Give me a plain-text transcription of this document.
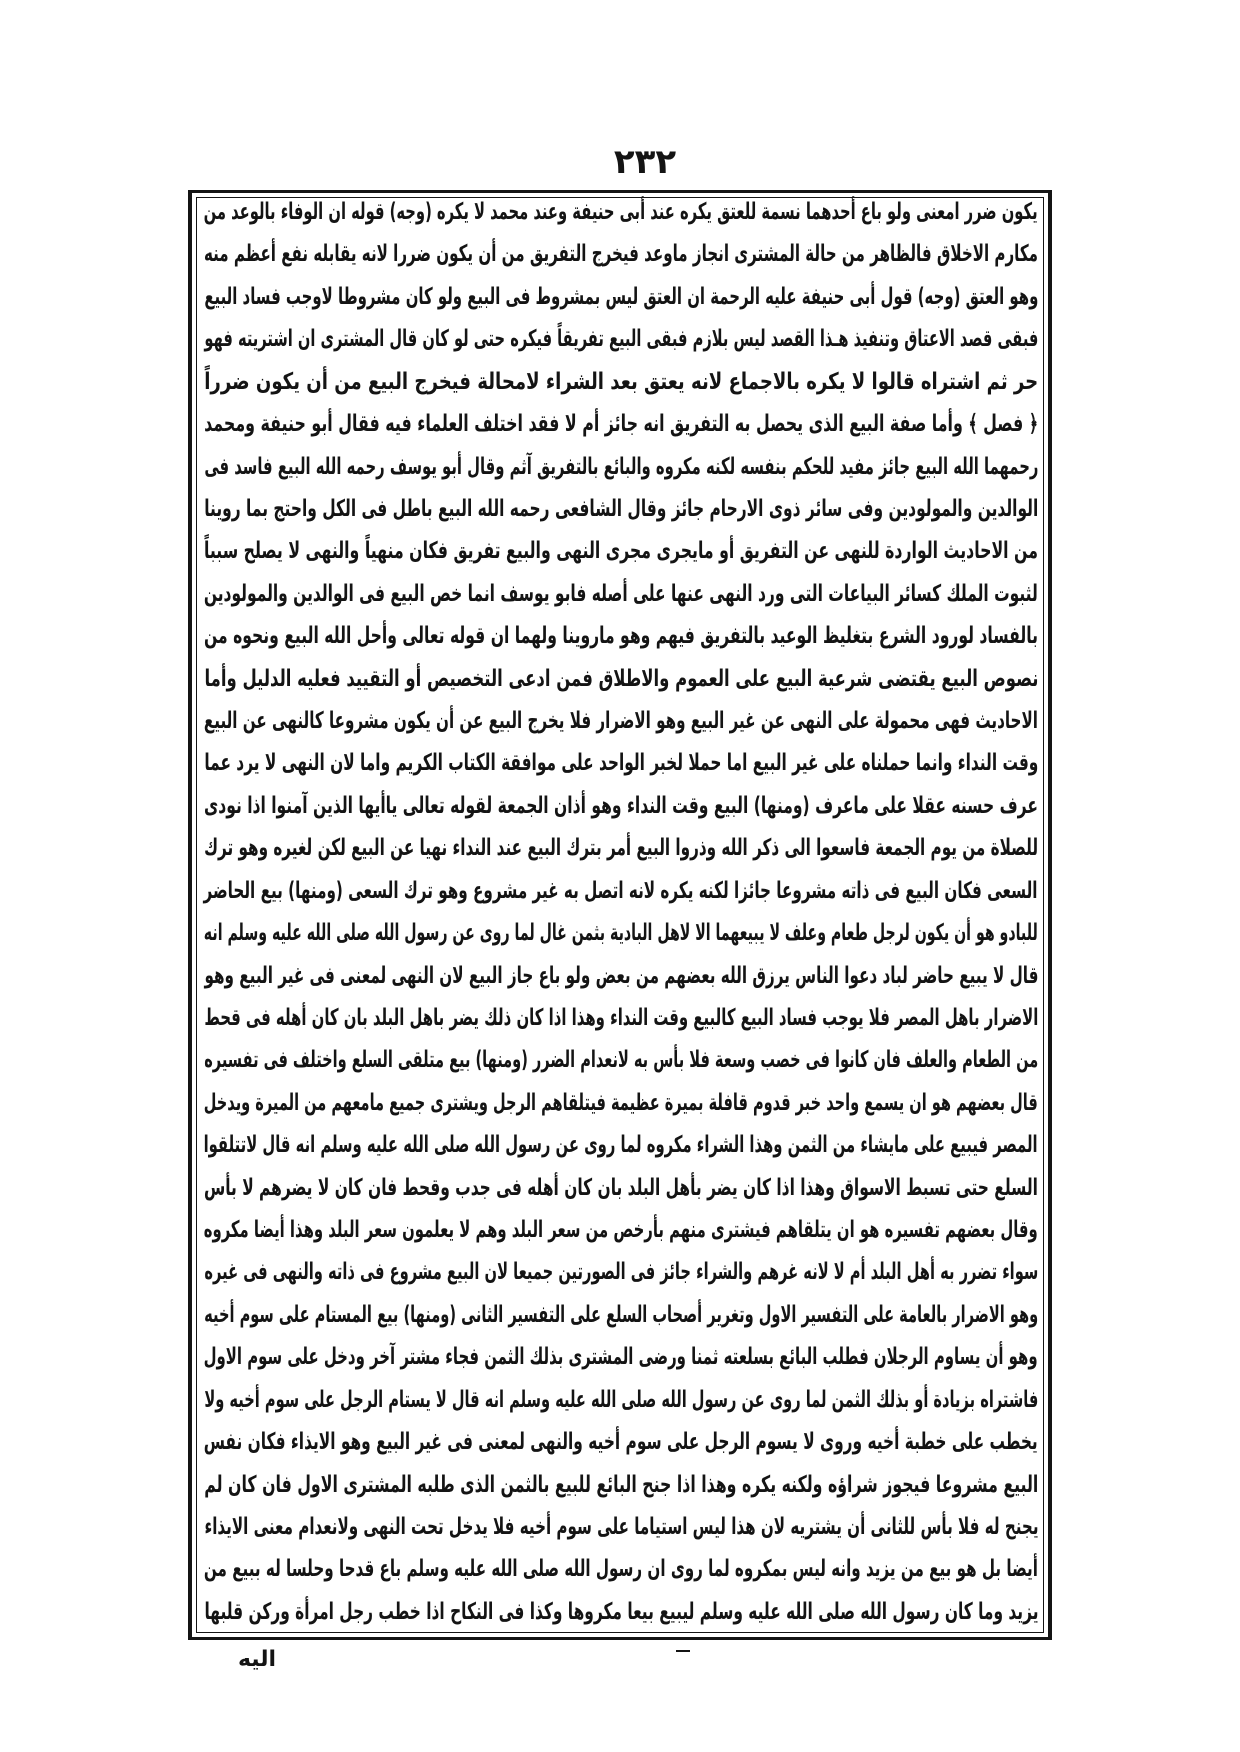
٢٣٢
يكون ضرر امعنى ولو باع أحدهما نسمة للعتق يكره عند أبى حنيفة وعند محمد لا يكره (وجه) قوله ان الوفاء بالوعد من
مكارم الاخلاق فالظاهر من حالة المشترى انجاز ماوعد فيخرج التفريق من أن يكون ضررا لانه يقابله نفع أعظم منه
وهو العتق (وجه) قول أبى حنيفة عليه الرحمة ان العتق ليس بمشروط فى البيع ولو كان مشروطا لاوجب فساد البيع
فبقى قصد الاعتاق وتنفيذ هـذا القصد ليس بلازم فبقى البيع تفريقاً فيكره حتى لو كان قال المشترى ان اشتريته فهو
حر ثم اشتراه قالوا لا يكره بالاجماع لانه يعتق بعد الشراء لامحالة فيخرج البيع من أن يكون ضرراً
﴿ فصل ﴾ وأما صفة البيع الذى يحصل به التفريق انه جائز أم لا فقد اختلف العلماء فيه فقال أبو حنيفة ومحمد
رحمهما الله البيع جائز مفيد للحكم بنفسه لكنه مكروه والبائع بالتفريق آثم وقال أبو يوسف رحمه الله البيع فاسد فى
الوالدين والمولودين وفى سائر ذوى الارحام جائز وقال الشافعى رحمه الله البيع باطل فى الكل واحتج بما روينا
من الاحاديث الواردة للنهى عن التفريق أو مايجرى مجرى النهى والبيع تفريق فكان منهياً والنهى لا يصلح سبباً
لثبوت الملك كسائر البياعات التى ورد النهى عنها على أصله فابو يوسف انما خص البيع فى الوالدين والمولودين
بالفساد لورود الشرع بتغليظ الوعيد بالتفريق فيهم وهو ماروينا ولهما ان قوله تعالى وأحل الله البيع ونحوه من
نصوص البيع يقتضى شرعية البيع على العموم والاطلاق فمن ادعى التخصيص أو التقييد فعليه الدليل وأما
الاحاديث فهى محمولة على النهى عن غير البيع وهو الاضرار فلا يخرج البيع عن أن يكون مشروعا كالنهى عن البيع
وقت النداء وانما حملناه على غير البيع اما حملا لخبر الواحد على موافقة الكتاب الكريم واما لان النهى لا يرد عما
عرف حسنه عقلا على ماعرف (ومنها) البيع وقت النداء وهو أذان الجمعة لقوله تعالى ياأيها الذين آمنوا اذا نودى
للصلاة من يوم الجمعة فاسعوا الى ذكر الله وذروا البيع أمر بترك البيع عند النداء نهيا عن البيع لكن لغيره وهو ترك
السعى فكان البيع فى ذاته مشروعا جائزا لكنه يكره لانه اتصل به غير مشروع وهو ترك السعى (ومنها) بيع الحاضر
للبادو هو أن يكون لرجل طعام وعلف لا يبيعهما الا لاهل البادية بثمن غال لما روى عن رسول الله صلى الله عليه وسلم انه
قال لا يبيع حاضر لباد دعوا الناس يرزق الله بعضهم من بعض ولو باع جاز البيع لان النهى لمعنى فى غير البيع وهو
الاضرار باهل المصر فلا يوجب فساد البيع كالبيع وقت النداء وهذا اذا كان ذلك يضر باهل البلد بان كان أهله فى قحط
من الطعام والعلف فان كانوا فى خصب وسعة فلا بأس به لانعدام الضرر (ومنها) بيع متلقى السلع واختلف فى تفسيره
قال بعضهم هو ان يسمع واحد خبر قدوم قافلة بميرة عظيمة فيتلقاهم الرجل ويشترى جميع مامعهم من الميرة ويدخل
المصر فيبيع على مايشاء من الثمن وهذا الشراء مكروه لما روى عن رسول الله صلى الله عليه وسلم انه قال لاتتلقوا
السلع حتى تسبط الاسواق وهذا اذا كان يضر بأهل البلد بان كان أهله فى جدب وقحط فان كان لا يضرهم لا بأس
وقال بعضهم تفسيره هو ان يتلقاهم فيشترى منهم بأرخص من سعر البلد وهم لا يعلمون سعر البلد وهذا أيضا مكروه
سواء تضرر به أهل البلد أم لا لانه غرهم والشراء جائز فى الصورتين جميعا لان البيع مشروع فى ذاته والنهى فى غيره
وهو الاضرار بالعامة على التفسير الاول وتغرير أصحاب السلع على التفسير الثانى (ومنها) بيع المستام على سوم أخيه
وهو أن يساوم الرجلان فطلب البائع بسلعته ثمنا ورضى المشترى بذلك الثمن فجاء مشتر آخر ودخل على سوم الاول
فاشتراه بزيادة أو بذلك الثمن لما روى عن رسول الله صلى الله عليه وسلم انه قال لا يستام الرجل على سوم أخيه ولا
يخطب على خطبة أخيه وروى لا يسوم الرجل على سوم أخيه والنهى لمعنى فى غير البيع وهو الايذاء فكان نفس
البيع مشروعا فيجوز شراؤه ولكنه يكره وهذا اذا جنح البائع للبيع بالثمن الذى طلبه المشترى الاول فان كان لم
يجنح له فلا بأس للثانى أن يشتريه لان هذا ليس استياما على سوم أخيه فلا يدخل تحت النهى ولانعدام معنى الايذاء
أيضا بل هو بيع من يزيد وانه ليس بمكروه لما روى ان رسول الله صلى الله عليه وسلم باع قدحا وحلسا له ببيع من
يزيد وما كان رسول الله صلى الله عليه وسلم ليبيع بيعا مكروها وكذا فى النكاح اذا خطب رجل امرأة وركن قلبها
اليه
